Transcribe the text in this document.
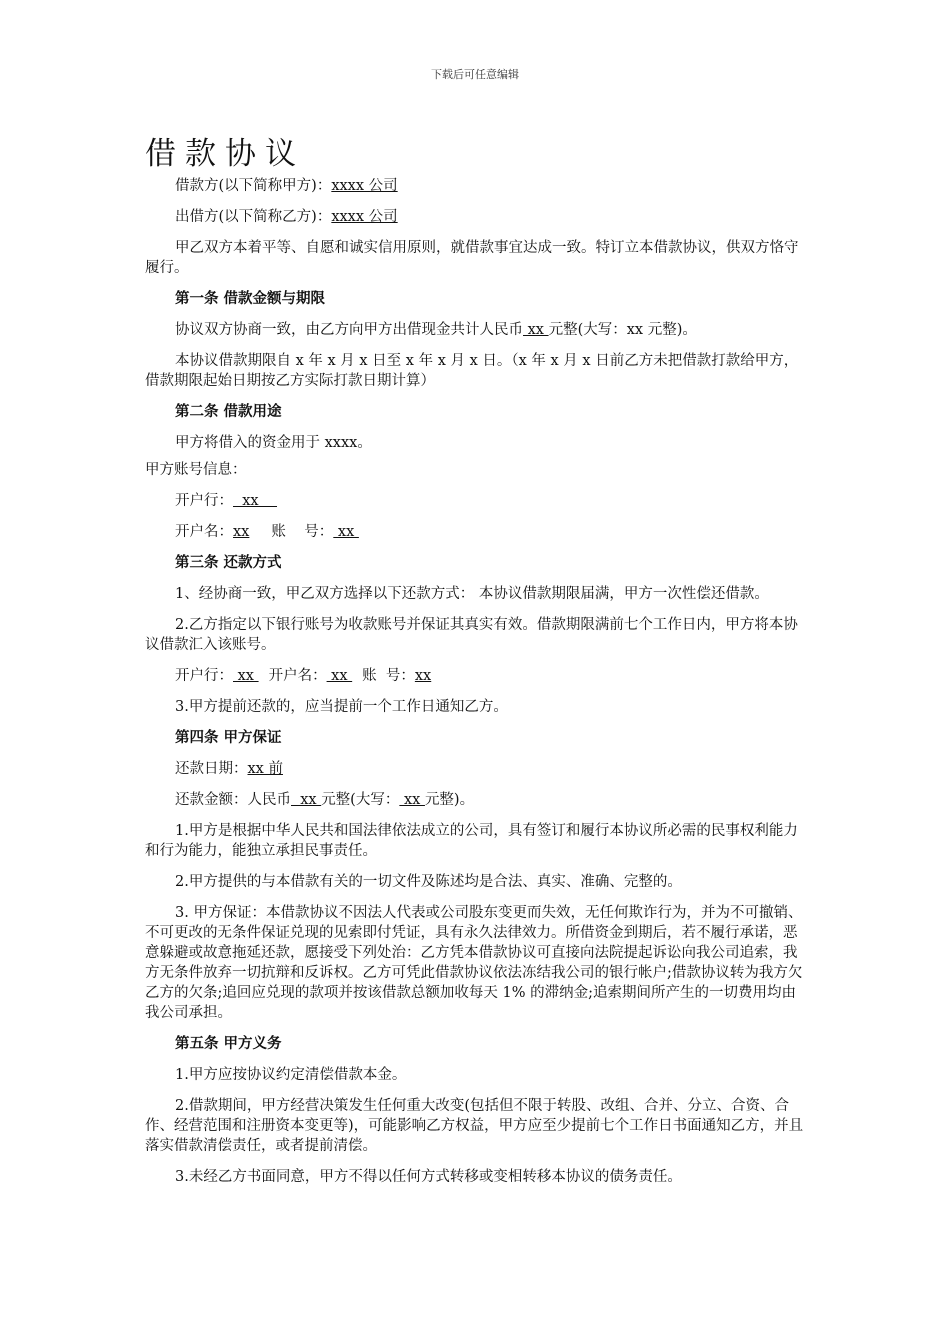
下载后可任意编辑
借款协议

借款方(以下简称甲方)：xxxx 公司

出借方(以下简称乙方)：xxxx 公司

甲乙双方本着平等、自愿和诚实信用原则，就借款事宜达成一致。特订立本借款协议，供双方恪守履行。

第一条 借款金额与期限

协议双方协商一致，由乙方向甲方出借现金共计人民币 xx 元整(大写：xx 元整)。

本协议借款期限自 x 年 x 月 x 日至 x 年 x 月 x 日。（x 年 x 月 x 日前乙方未把借款打款给甲方，借款期限起始日期按乙方实际打款日期计算）

第二条 借款用途

甲方将借入的资金用于 xxxx。

甲方账号信息：

开户行：  xx

开户名：xx 账    号： xx

第三条 还款方式

1、经协商一致，甲乙双方选择以下还款方式： 本协议借款期限届满，甲方一次性偿还借款。

2.乙方指定以下银行账号为收款账号并保证其真实有效。借款期限满前七个工作日内，甲方将本协议借款汇入该账号。

开户行： xx 开户名： xx 账  号：xx

3.甲方提前还款的，应当提前一个工作日通知乙方。

第四条 甲方保证

还款日期：xx 前

还款金额：人民币  xx 元整(大写： xx 元整)。

1.甲方是根据中华人民共和国法律依法成立的公司，具有签订和履行本协议所必需的民事权利能力和行为能力，能独立承担民事责任。

2.甲方提供的与本借款有关的一切文件及陈述均是合法、真实、准确、完整的。

3. 甲方保证：本借款协议不因法人代表或公司股东变更而失效，无任何欺诈行为，并为不可撤销、不可更改的无条件保证兑现的见索即付凭证，具有永久法律效力。所借资金到期后，若不履行承诺，恶意躲避或故意拖延还款，愿接受下列处治：乙方凭本借款协议可直接向法院提起诉讼向我公司追索，我方无条件放弃一切抗辩和反诉权。乙方可凭此借款协议依法冻结我公司的银行帐户;借款协议转为我方欠乙方的欠条;追回应兑现的款项并按该借款总额加收每天 1% 的滞纳金;追索期间所产生的一切费用均由我公司承担。

第五条 甲方义务

1.甲方应按协议约定清偿借款本金。

2.借款期间，甲方经营决策发生任何重大改变(包括但不限于转股、改组、合并、分立、合资、合作、经营范围和注册资本变更等)，可能影响乙方权益，甲方应至少提前七个工作日书面通知乙方，并且落实借款清偿责任，或者提前清偿。

3.未经乙方书面同意，甲方不得以任何方式转移或变相转移本协议的债务责任。
